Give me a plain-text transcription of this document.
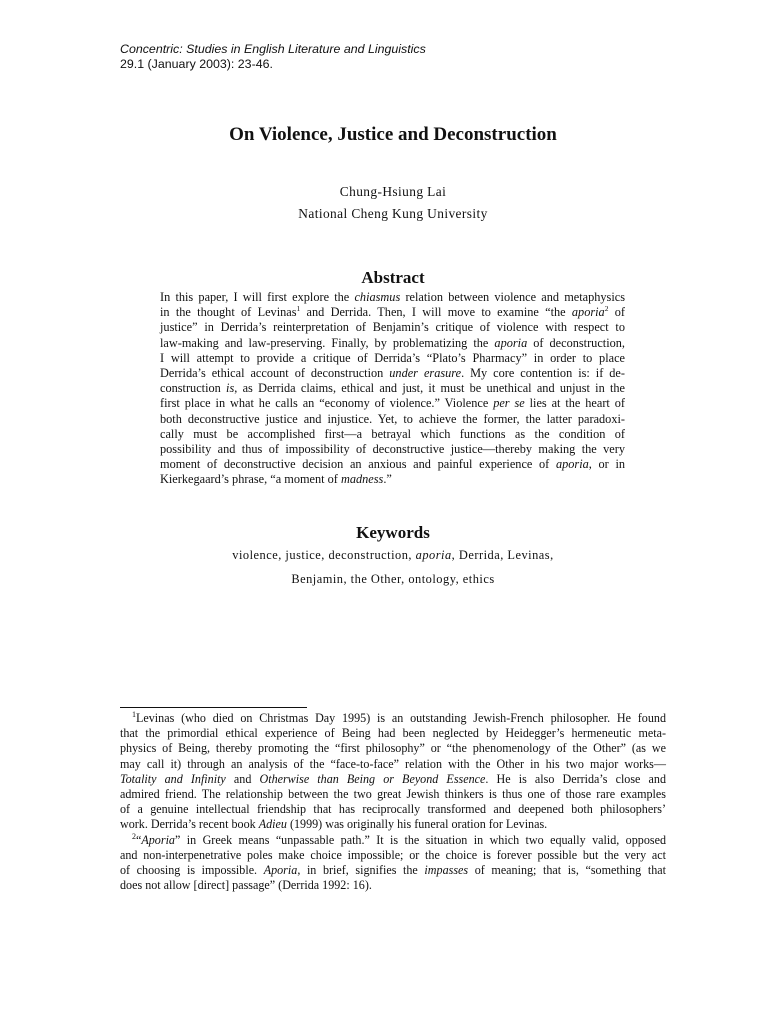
Concentric: Studies in English Literature and Linguistics
29.1 (January 2003): 23-46.
On Violence, Justice and Deconstruction
Chung-Hsiung Lai
National Cheng Kung University
Abstract

In this paper, I will first explore the chiasmus relation between violence and metaphysics
in the thought of Levinas$^1$ and Derrida. Then, I will move to examine “the aporia$^2$ of
justice” in Derrida’s reinterpretation of Benjamin’s critique of violence with respect to
law-making and law-preserving. Finally, by problematizing the aporia of deconstruction,
I will attempt to provide a critique of Derrida’s “Plato’s Pharmacy” in order to place
Derrida’s ethical account of deconstruction under erasure. My core contention is: if de-
construction is, as Derrida claims, ethical and just, it must be unethical and unjust in the
first place in what he calls an “economy of violence.” Violence per se lies at the heart of
both deconstructive justice and injustice. Yet, to achieve the former, the latter paradoxi-
cally must be accomplished first—a betrayal which functions as the condition of
possibility and thus of impossibility of deconstructive justice—thereby making the very
moment of deconstructive decision an anxious and painful experience of aporia, or in
Kierkegaard’s phrase, “a moment of madness.”

Keywords
violence, justice, deconstruction, aporia, Derrida, Levinas,
Benjamin, the Other, ontology, ethics
$^1$Levinas (who died on Christmas Day 1995) is an outstanding Jewish-French philosopher. He found
that the primordial ethical experience of Being had been neglected by Heidegger’s hermeneutic meta-
physics of Being, thereby promoting the “first philosophy” or “the phenomenology of the Other” (as we
may call it) through an analysis of the “face-to-face” relation with the Other in his two major works—
Totality and Infinity and Otherwise than Being or Beyond Essence. He is also Derrida’s close and
admired friend. The relationship between the two great Jewish thinkers is thus one of those rare examples
of a genuine intellectual friendship that has reciprocally transformed and deepened both philosophers’
work. Derrida’s recent book Adieu (1999) was originally his funeral oration for Levinas.
$^2$“Aporia” in Greek means “unpassable path.” It is the situation in which two equally valid, opposed
and non-interpenetrative poles make choice impossible; or the choice is forever possible but the very act
of choosing is impossible. Aporia, in brief, signifies the impasses of meaning; that is, “something that
does not allow [direct] passage” (Derrida 1992: 16).
